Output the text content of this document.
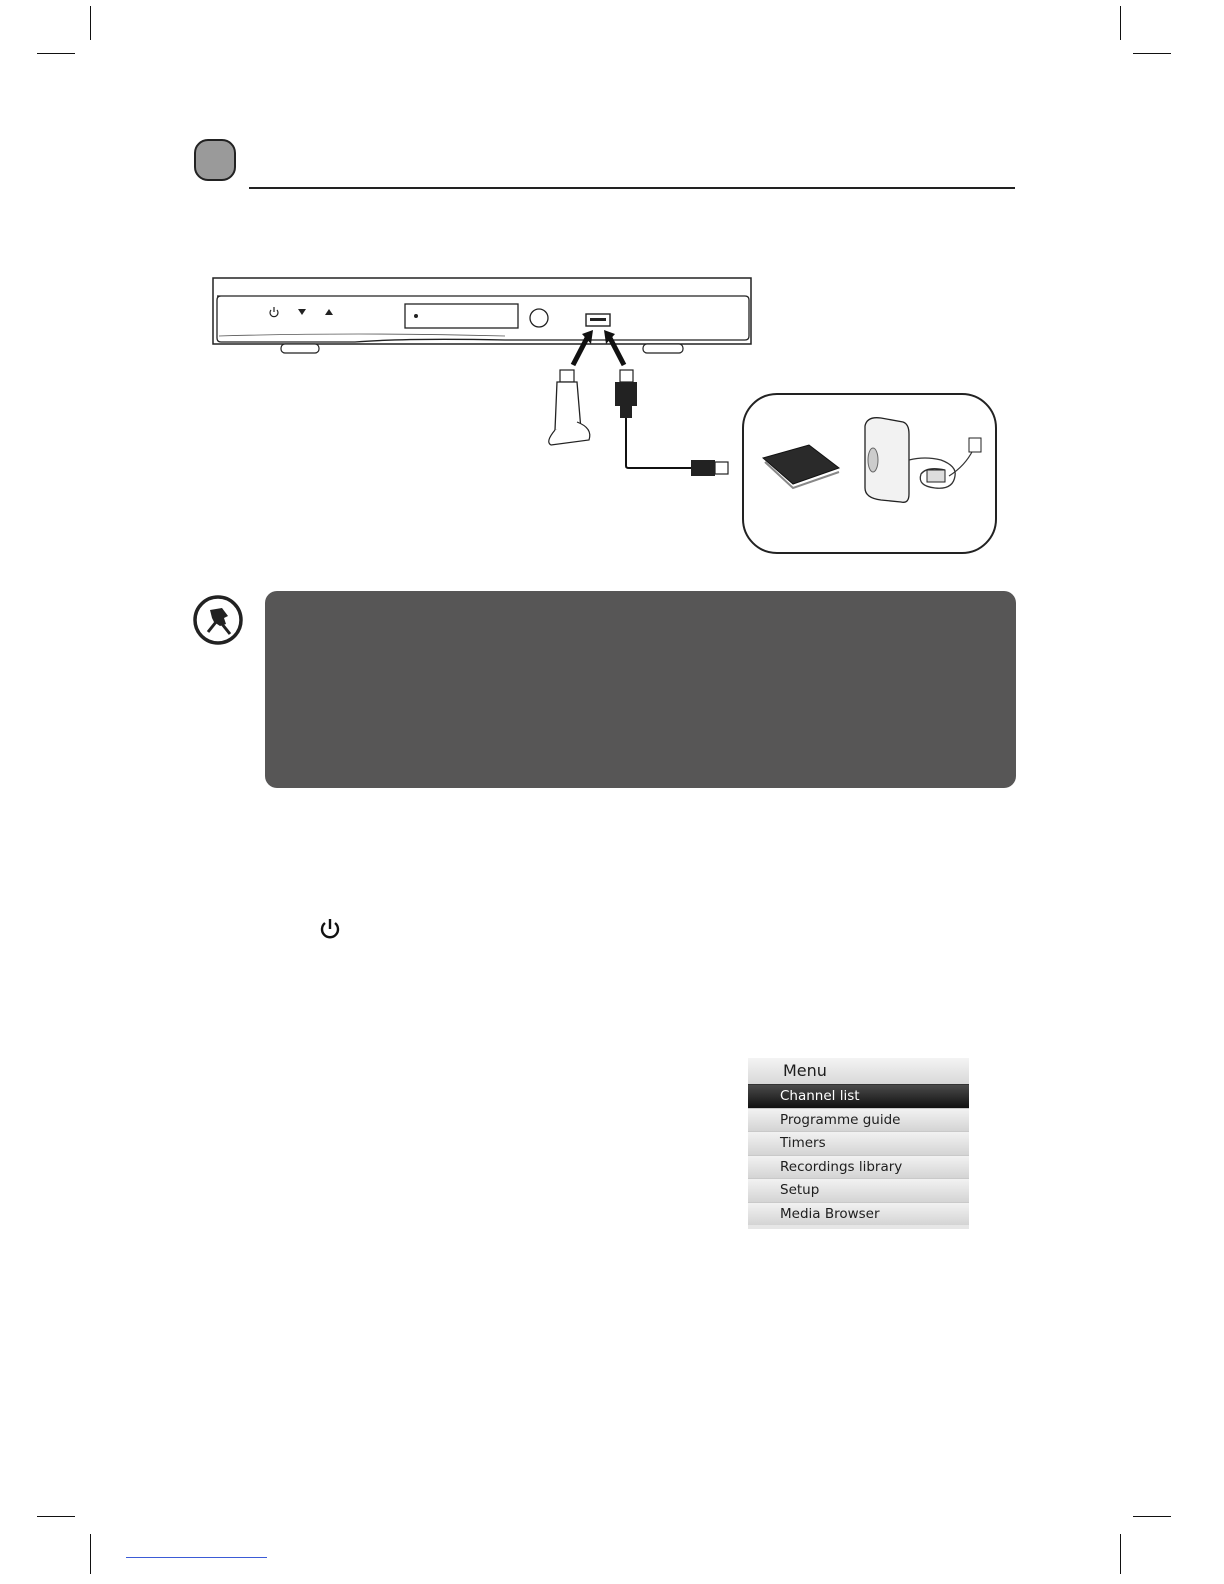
Menu
Channel list
Programme guide
Timers
Recordings library
Setup
Media Browser
